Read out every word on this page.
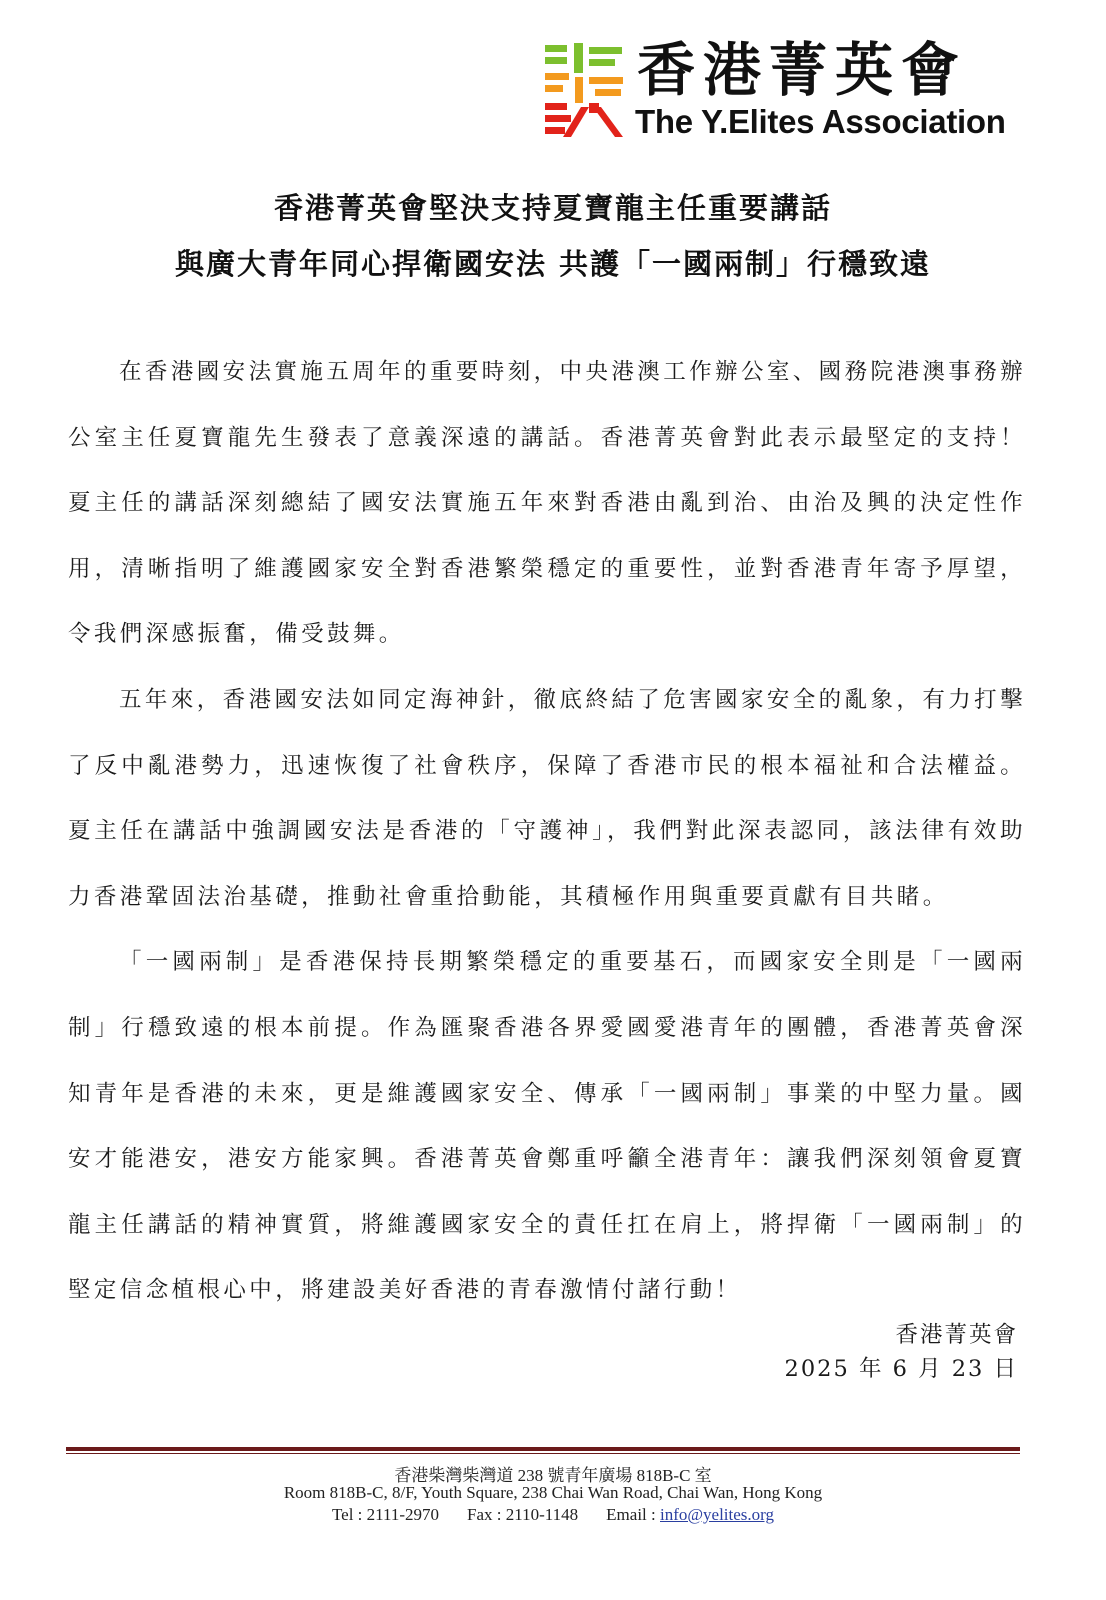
香港菁英會
The Y.Elites Association
香港菁英會堅決支持夏寶龍主任重要講話
與廣大青年同心捍衛國安法 共護「一國兩制」行穩致遠

在香港國安法實施五周年的重要時刻，中央港澳工作辦公室、國務院港澳事務辦公室主任夏寶龍先生發表了意義深遠的講話。香港菁英會對此表示最堅定的支持！夏主任的講話深刻總結了國安法實施五年來對香港由亂到治、由治及興的決定性作用，清晰指明了維護國家安全對香港繁榮穩定的重要性，並對香港青年寄予厚望，令我們深感振奮，備受鼓舞。

五年來，香港國安法如同定海神針，徹底終結了危害國家安全的亂象，有力打擊了反中亂港勢力，迅速恢復了社會秩序，保障了香港市民的根本福祉和合法權益。夏主任在講話中強調國安法是香港的「守護神」，我們對此深表認同，該法律有效助力香港鞏固法治基礎，推動社會重拾動能，其積極作用與重要貢獻有目共睹。

「一國兩制」是香港保持長期繁榮穩定的重要基石，而國家安全則是「一國兩制」行穩致遠的根本前提。作為匯聚香港各界愛國愛港青年的團體，香港菁英會深知青年是香港的未來，更是維護國家安全、傳承「一國兩制」事業的中堅力量。國安才能港安，港安方能家興。香港菁英會鄭重呼籲全港青年：讓我們深刻領會夏寶龍主任講話的精神實質，將維護國家安全的責任扛在肩上，將捍衛「一國兩制」的堅定信念植根心中，將建設美好香港的青春激情付諸行動！

香港菁英會
2025 年 6 月 23 日
香港柴灣柴灣道 238 號青年廣場 818B-C 室
Room 818B-C, 8/F, Youth Square, 238 Chai Wan Road, Chai Wan, Hong Kong
Tel : 2111-2970 Fax : 2110-1148 Email : info@yelites.org
